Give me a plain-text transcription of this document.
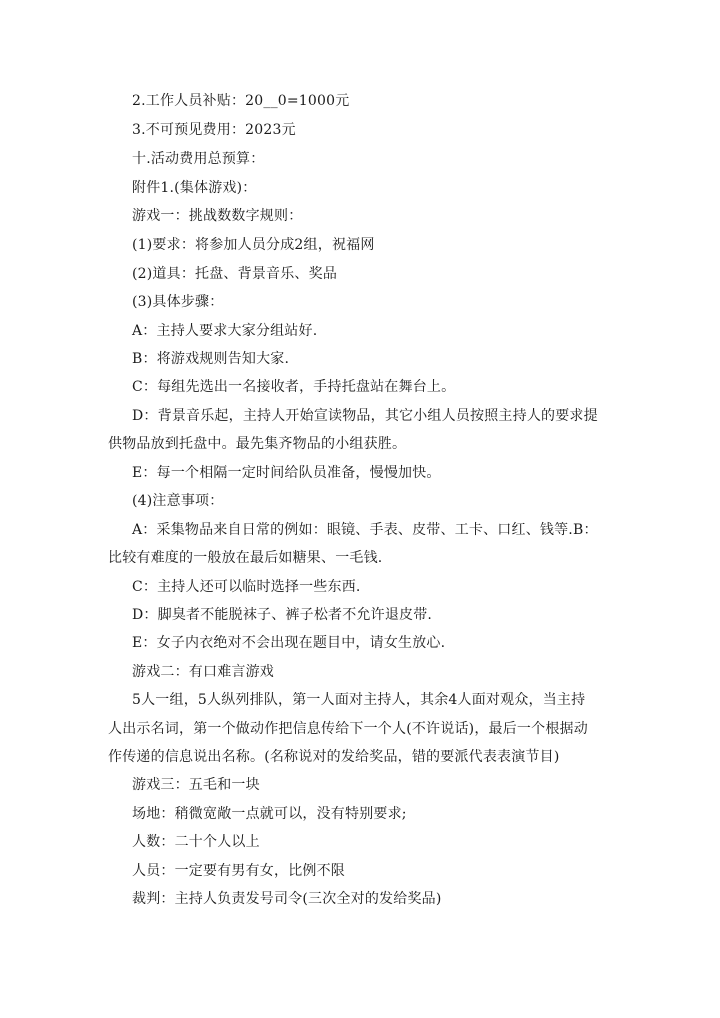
2.工作人员补贴：20__0=1000元
3.不可预见费用：2023元
十.活动费用总预算：
附件1.(集体游戏)：
游戏一：挑战数数字规则：
(1)要求：将参加人员分成2组，祝福网
(2)道具：托盘、背景音乐、奖品
(3)具体步骤：
A：主持人要求大家分组站好.
B：将游戏规则告知大家.
C：每组先选出一名接收者，手持托盘站在舞台上。
D：背景音乐起，主持人开始宣读物品，其它小组人员按照主持人的要求提
供物品放到托盘中。最先集齐物品的小组获胜。
E：每一个相隔一定时间给队员准备，慢慢加快。
(4)注意事项：
A：采集物品来自日常的例如：眼镜、手表、皮带、工卡、口红、钱等.B：
比较有难度的一般放在最后如糖果、一毛钱.
C：主持人还可以临时选择一些东西.
D：脚臭者不能脱袜子、裤子松者不允许退皮带.
E：女子内衣绝对不会出现在题目中，请女生放心.
游戏二：有口难言游戏
5人一组，5人纵列排队，第一人面对主持人，其余4人面对观众，当主持
人出示名词，第一个做动作把信息传给下一个人(不许说话)，最后一个根据动
作传递的信息说出名称。(名称说对的发给奖品，错的要派代表表演节目)
游戏三：五毛和一块
场地：稍微宽敞一点就可以，没有特别要求;
人数：二十个人以上
人员：一定要有男有女，比例不限
裁判：主持人负责发号司令(三次全对的发给奖品)
